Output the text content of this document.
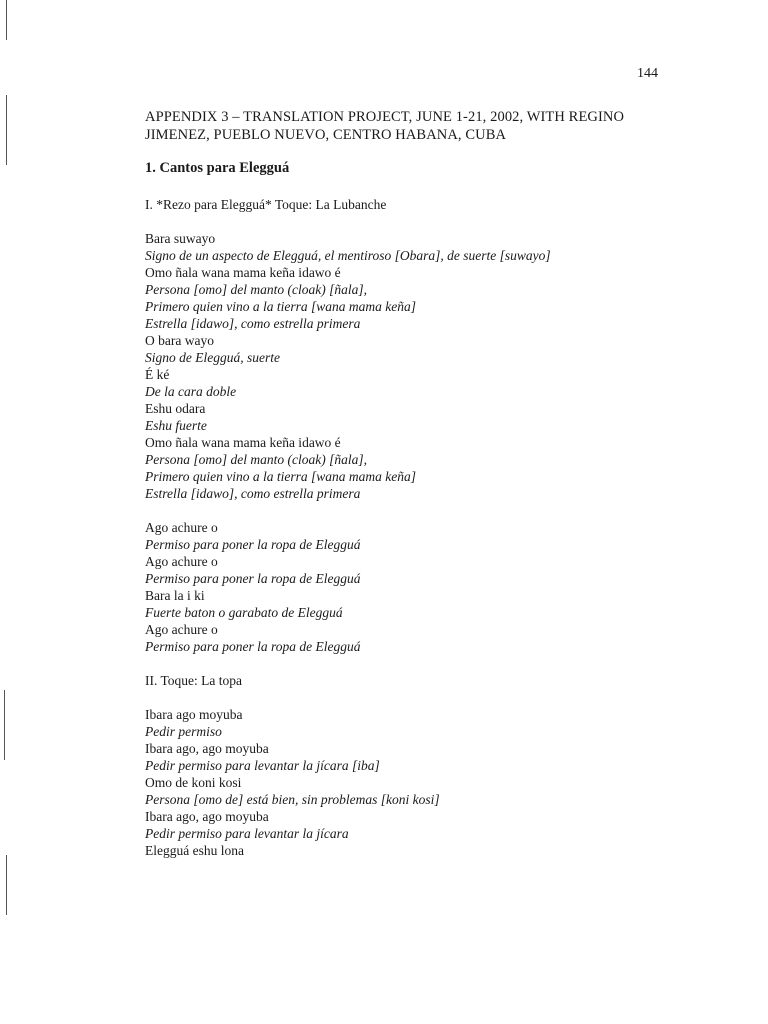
144
APPENDIX 3 – TRANSLATION PROJECT, JUNE 1-21, 2002, WITH REGINO
JIMENEZ, PUEBLO NUEVO, CENTRO HABANA, CUBA
1. Cantos para Elegguá
I. *Rezo para Elegguá* Toque: La Lubanche
Bara suwayo
Signo de un aspecto de Elegguá, el mentiroso [Obara], de suerte [suwayo]
Omo ñala wana mama keña idawo é
Persona [omo] del manto (cloak) [ñala],
Primero quien vino a la tierra [wana mama keña]
Estrella [idawo], como estrella primera
O bara wayo
Signo de Elegguá, suerte
É ké
De la cara doble
Eshu odara
Eshu fuerte
Omo ñala wana mama keña idawo é
Persona [omo] del manto (cloak) [ñala],
Primero quien vino a la tierra [wana mama keña]
Estrella [idawo], como estrella primera
Ago achure o
Permiso para poner la ropa de Elegguá
Ago achure o
Permiso para poner la ropa de Elegguá
Bara la i ki
Fuerte baton o garabato de Elegguá
Ago achure o
Permiso para poner la ropa de Elegguá
II. Toque: La topa
Ibara ago moyuba
Pedir permiso
Ibara ago, ago moyuba
Pedir permiso para levantar la jícara [iba]
Omo de koni kosi
Persona [omo de] está bien, sin problemas [koni kosi]
Ibara ago, ago moyuba
Pedir permiso para levantar la jícara
Elegguá eshu lona
